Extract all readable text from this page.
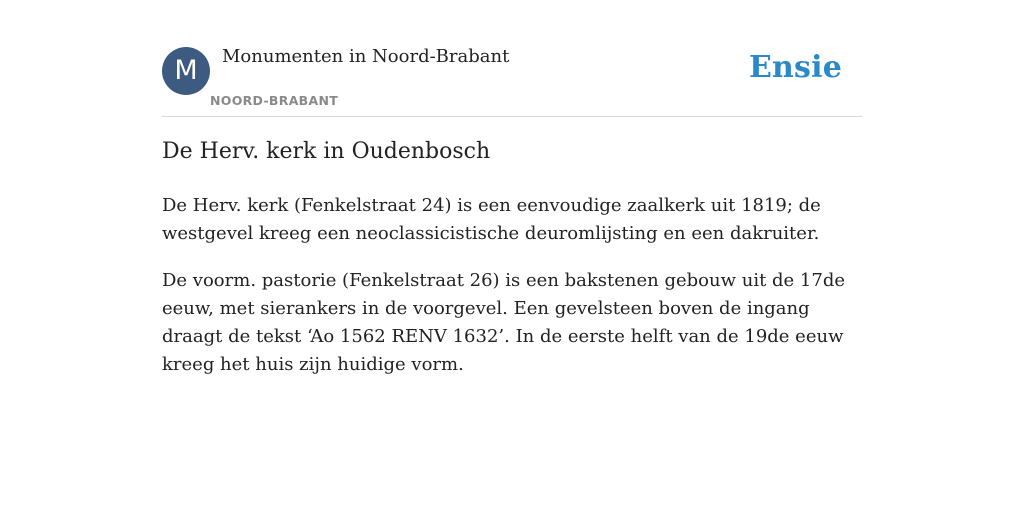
M	Monumenten in Noord-Brabant
NOORD-BRABANT
Ensie
De Herv. kerk in Oudenbosch

De Herv. kerk (Fenkelstraat 24) is een eenvoudige zaalkerk uit 1819; de westgevel kreeg een neoclassicistische deuromlijsting en een dakruiter.

De voorm. pastorie (Fenkelstraat 26) is een bakstenen gebouw uit de 17de eeuw, met sierankers in de voorgevel. Een gevelsteen boven de ingang draagt de tekst ‘Ao 1562 RENV 1632’. In de eerste helft van de 19de eeuw kreeg het huis zijn huidige vorm.
